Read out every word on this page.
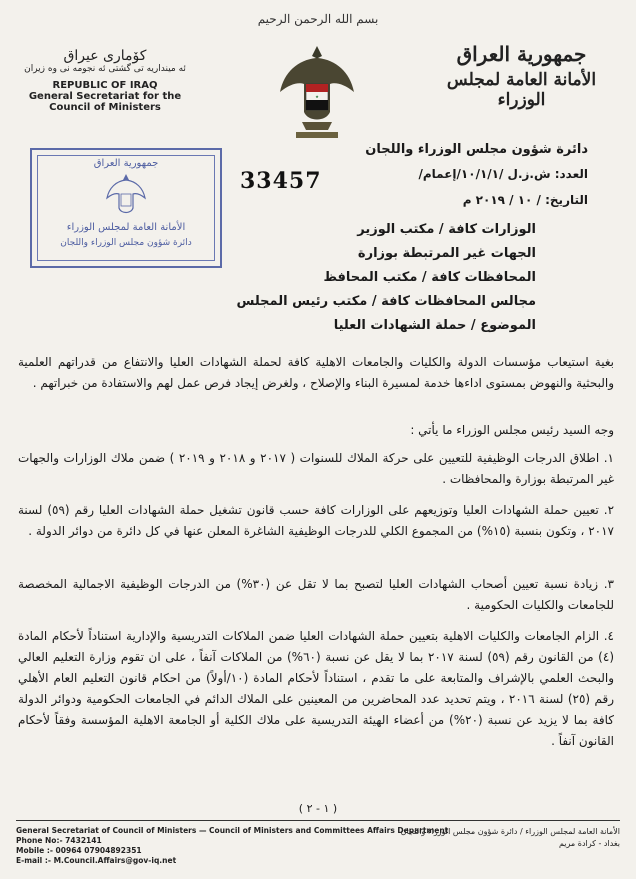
بسم الله الرحمن الرحيم
جمهورية العراق
الأمانة العامة لمجلس الوزراء
★
كۆماری عیراق
ئه مینداریه تی گشتی ئه نجومه نی وه زیران
REPUBLIC OF IRAQ
General Secretariat for the Council of Ministers
دائرة شؤون مجلس الوزراء واللجان
العدد: ش.ز.ل /١٠/١/١/إعمام/
33457
التاريخ: / ١٠ / ٢٠١٩ م
جمهورية العراق
الأمانة العامة لمجلس الوزراء
دائرة شؤون مجلس الوزراء واللجان
الوزارات كافة / مكتب الوزير
الجهات غير المرتبطة بوزارة
المحافظات كافة / مكتب المحافظ
مجالس المحافظات كافة / مكتب رئيس المجلس
الموضوع / حملة الشهادات العليا
بغية استيعاب مؤسسات الدولة والكليات والجامعات الاهلية كافة لحملة الشهادات العليا والانتفاع من قدراتهم العلمية والبحثية والنهوض بمستوى اداءها خدمة لمسيرة البناء والإصلاح ، ولغرض إيجاد فرص عمل لهم والاستفادة من خبراتهم .
وجه السيد رئيس مجلس الوزراء ما يأتي :
١. اطلاق الدرجات الوظيفية للتعيين على حركة الملاك للسنوات ( ٢٠١٧ و ٢٠١٨ و ٢٠١٩ ) ضمن ملاك الوزارات والجهات غير المرتبطة بوزارة والمحافظات .
٢. تعيين حملة الشهادات العليا وتوزيعهم على الوزارات كافة حسب قانون تشغيل حملة الشهادات العليا رقم (٥٩) لسنة ٢٠١٧ ، وتكون بنسبة (١٥%) من المجموع الكلي للدرجات الوظيفية الشاغرة المعلن عنها في كل دائرة من دوائر الدولة .
٣. زيادة نسبة تعيين أصحاب الشهادات العليا لتصبح بما لا تقل عن (٣٠%) من الدرجات الوظيفية الاجمالية المخصصة للجامعات والكليات الحكومية .
٤. الزام الجامعات والكليات الاهلية بتعيين حملة الشهادات العليا ضمن الملاكات التدريسية والإدارية استناداً لأحكام المادة (٤) من القانون رقم (٥٩) لسنة ٢٠١٧ بما لا يقل عن نسبة (٦٠%) من الملاكات آنفاً ، على ان تقوم وزارة التعليم العالي والبحث العلمي بالإشراف والمتابعة على ما تقدم ، استناداً لأحكام المادة (١٠/أولاً) من احكام قانون التعليم العام الأهلي رقم (٢٥) لسنة ٢٠١٦ ، ويتم تحديد عدد المحاضرين من المعينين على الملاك الدائم في الجامعات الحكومية ودوائر الدولة كافة بما لا يزيد عن نسبة (٢٠%) من أعضاء الهيئة التدريسية على ملاك الكلية أو الجامعة الاهلية المؤسسة وفقاً لأحكام القانون آنفاً .
( ١ - ٢ )
General Secretariat of Council of Ministers — Council of Ministers and Committees Affairs Department
Phone No:- 7432141
Mobile :- 00964 07904892351
E-mail :- M.Council.Affairs@gov-iq.net
الأمانة العامة لمجلس الوزراء / دائرة شؤون مجلس الوزراء واللجان
بغداد - كرادة مريم
